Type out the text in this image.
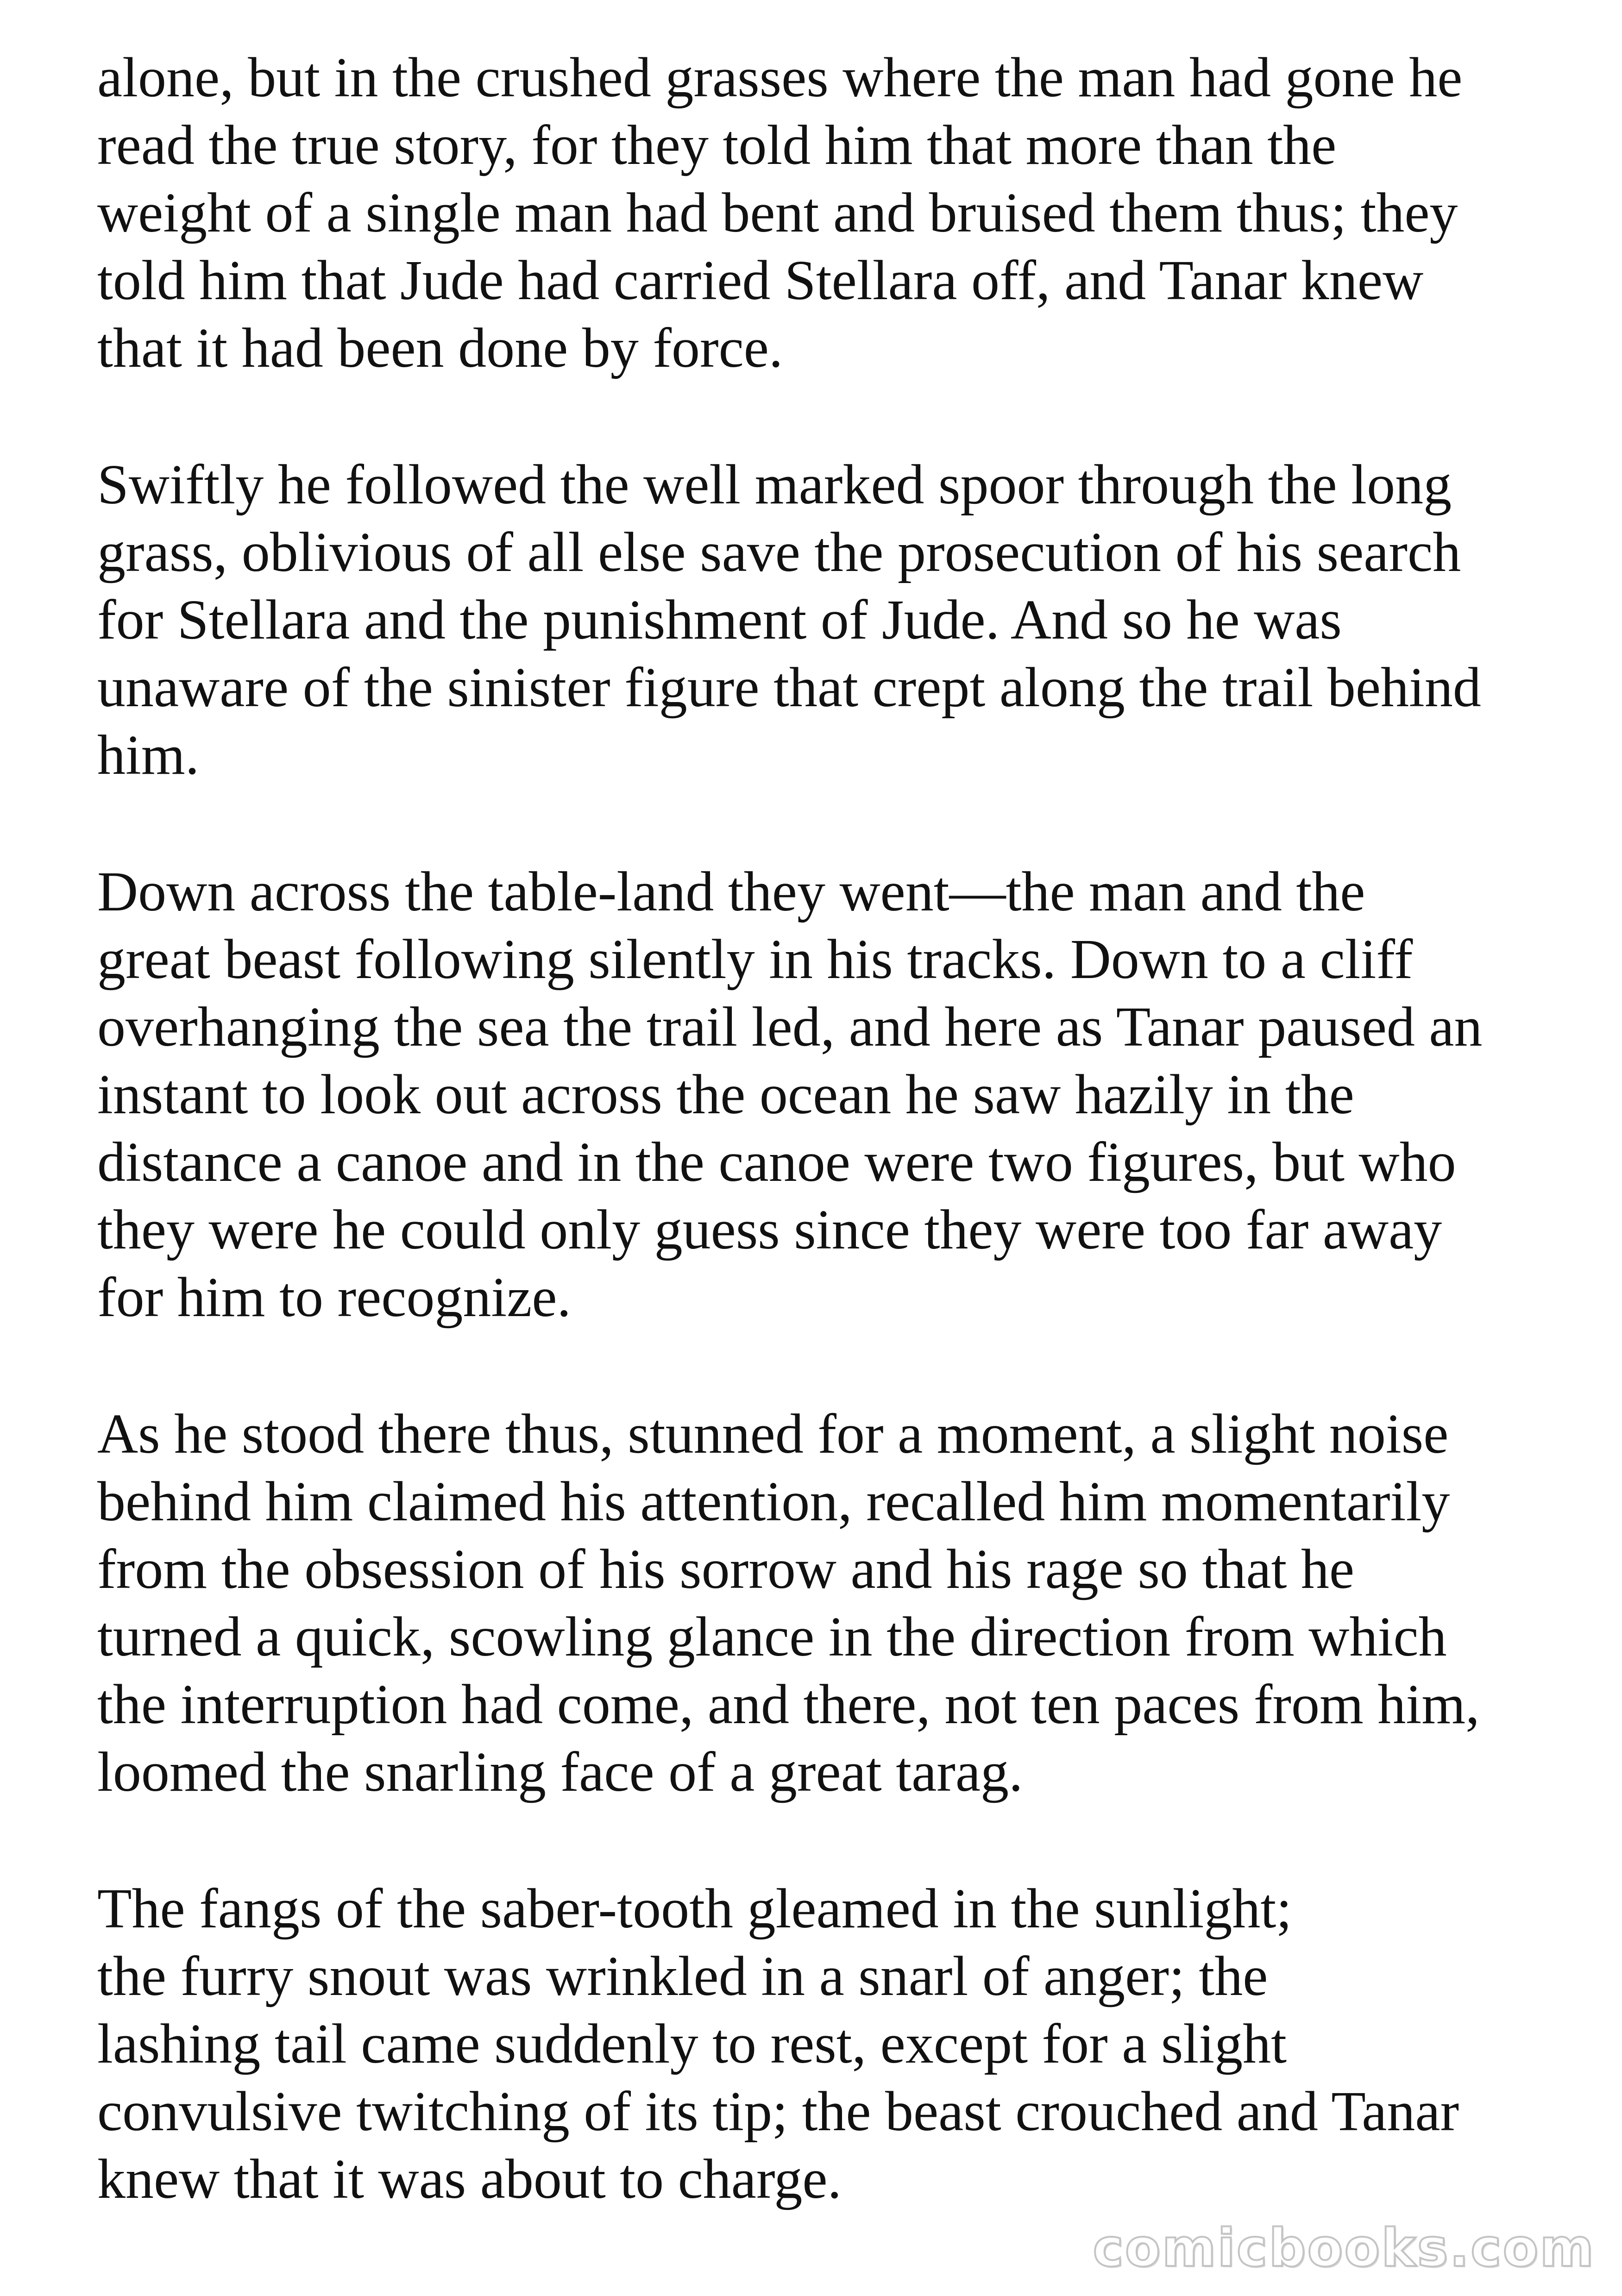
alone, but in the crushed grasses where the man had gone he
read the true story, for they told him that more than the
weight of a single man had bent and bruised them thus; they
told him that Jude had carried Stellara off, and Tanar knew
that it had been done by force.

Swiftly he followed the well marked spoor through the long
grass, oblivious of all else save the prosecution of his search
for Stellara and the punishment of Jude. And so he was
unaware of the sinister figure that crept along the trail behind
him.

Down across the table-land they went—the man and the
great beast following silently in his tracks. Down to a cliff
overhanging the sea the trail led, and here as Tanar paused an
instant to look out across the ocean he saw hazily in the
distance a canoe and in the canoe were two figures, but who
they were he could only guess since they were too far away
for him to recognize.

As he stood there thus, stunned for a moment, a slight noise
behind him claimed his attention, recalled him momentarily
from the obsession of his sorrow and his rage so that he
turned a quick, scowling glance in the direction from which
the interruption had come, and there, not ten paces from him,
loomed the snarling face of a great tarag.

The fangs of the saber-tooth gleamed in the sunlight;
the furry snout was wrinkled in a snarl of anger; the
lashing tail came suddenly to rest, except for a slight
convulsive twitching of its tip; the beast crouched and Tanar
knew that it was about to charge.

comicbooks.com
